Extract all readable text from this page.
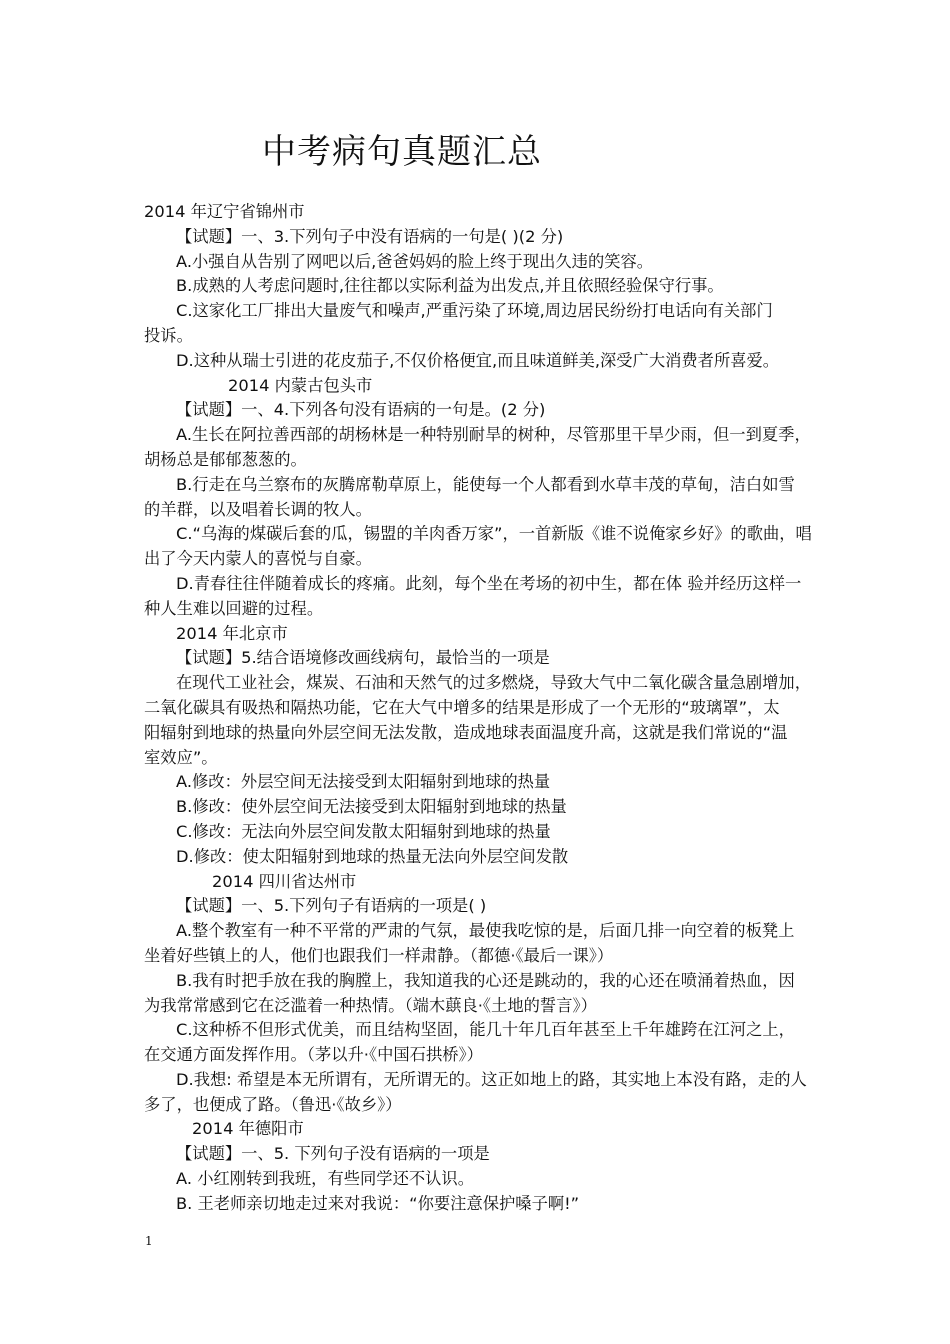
中考病句真题汇总

2014 年辽宁省锦州市

【试题】一、3.下列句子中没有语病的一句是( )(2 分)

A.小强自从告别了网吧以后,爸爸妈妈的脸上终于现出久违的笑容。

B.成熟的人考虑问题时,往往都以实际利益为出发点,并且依照经验保守行事。

C.这家化工厂排出大量废气和噪声,严重污染了环境,周边居民纷纷打电话向有关部门

投诉。

D.这种从瑞士引进的花皮茄子,不仅价格便宜,而且味道鲜美,深受广大消费者所喜爱。

2014 内蒙古包头市

【试题】一、4.下列各句没有语病的一句是。(2 分)

A.生长在阿拉善西部的胡杨林是一种特别耐旱的树种，尽管那里干旱少雨，但一到夏季，

胡杨总是郁郁葱葱的。

B.行走在乌兰察布的灰腾席勒草原上，能使每一个人都看到水草丰茂的草甸，洁白如雪

的羊群，以及唱着长调的牧人。

C.“乌海的煤碳后套的瓜，锡盟的羊肉香万家”，一首新版《谁不说俺家乡好》的歌曲，唱

出了今天内蒙人的喜悦与自豪。

D.青春往往伴随着成长的疼痛。此刻，每个坐在考场的初中生，都在体 验并经历这样一

种人生难以回避的过程。

2014 年北京市

【试题】5.结合语境修改画线病句，最恰当的一项是

在现代工业社会，煤炭、石油和天然气的过多燃烧，导致大气中二氧化碳含量急剧增加，

二氧化碳具有吸热和隔热功能，它在大气中增多的结果是形成了一个无形的“玻璃罩”，太

阳辐射到地球的热量向外层空间无法发散，造成地球表面温度升高，这就是我们常说的“温

室效应”。

A.修改：外层空间无法接受到太阳辐射到地球的热量

B.修改：使外层空间无法接受到太阳辐射到地球的热量

C.修改：无法向外层空间发散太阳辐射到地球的热量

D.修改：使太阳辐射到地球的热量无法向外层空间发散

2014 四川省达州市

【试题】一、5.下列句子有语病的一项是( )

A.整个教室有一种不平常的严肃的气氛，最使我吃惊的是，后面几排一向空着的板凳上

坐着好些镇上的人，他们也跟我们一样肃静。（都德·《最后一课》）

B.我有时把手放在我的胸膛上，我知道我的心还是跳动的，我的心还在喷涌着热血，因

为我常常感到它在泛滥着一种热情。（端木蕻良·《土地的誓言》）

C.这种桥不但形式优美，而且结构坚固，能几十年几百年甚至上千年雄跨在江河之上，

在交通方面发挥作用。（茅以升·《中国石拱桥》）

D.我想: 希望是本无所谓有，无所谓无的。这正如地上的路，其实地上本没有路，走的人

多了，也便成了路。（鲁迅·《故乡》）

2014 年德阳市

【试题】一、5. 下列句子没有语病的一项是

A. 小红刚转到我班，有些同学还不认识。

B. 王老师亲切地走过来对我说：“你要注意保护嗓子啊!”

1
